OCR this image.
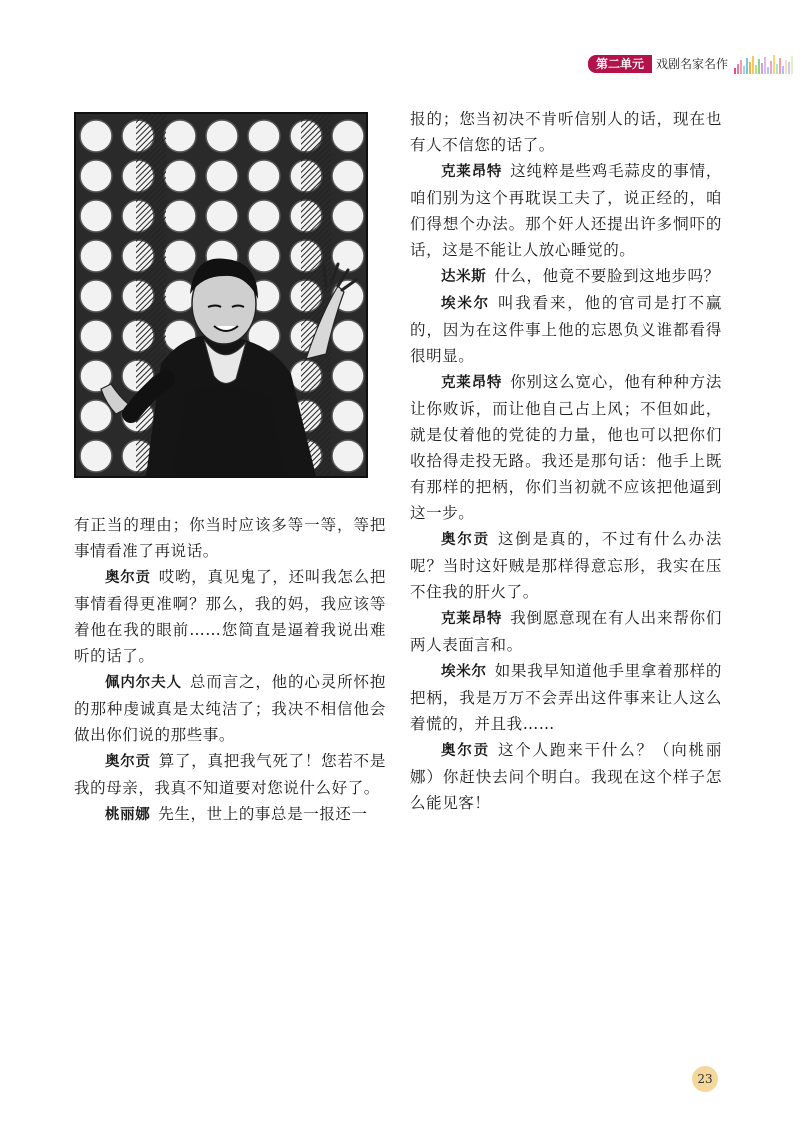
第二单元	戏剧名家名作

有正当的理由；你当时应该多等一等，等把事情看准了再说话。

奥尔贡 哎哟，真见鬼了，还叫我怎么把事情看得更准啊？那么，我的妈，我应该等着他在我的眼前……您简直是逼着我说出难听的话了。

佩内尔夫人 总而言之，他的心灵所怀抱的那种虔诚真是太纯洁了；我决不相信他会做出你们说的那些事。

奥尔贡 算了，真把我气死了！您若不是我的母亲，我真不知道要对您说什么好了。

桃丽娜 先生，世上的事总是一报还一

报的；您当初决不肯听信别人的话，现在也有人不信您的话了。

克莱昂特 这纯粹是些鸡毛蒜皮的事情，咱们别为这个再耽误工夫了，说正经的，咱们得想个办法。那个奸人还提出许多恫吓的话，这是不能让人放心睡觉的。

达米斯 什么，他竟不要脸到这地步吗？

埃米尔 叫我看来，他的官司是打不赢的，因为在这件事上他的忘恩负义谁都看得很明显。

克莱昂特 你别这么宽心，他有种种方法让你败诉，而让他自己占上风；不但如此，就是仗着他的党徒的力量，他也可以把你们收拾得走投无路。我还是那句话：他手上既有那样的把柄，你们当初就不应该把他逼到这一步。

奥尔贡 这倒是真的，不过有什么办法呢？当时这奸贼是那样得意忘形，我实在压不住我的肝火了。

克莱昂特 我倒愿意现在有人出来帮你们两人表面言和。

埃米尔 如果我早知道他手里拿着那样的把柄，我是万万不会弄出这件事来让人这么着慌的，并且我……

奥尔贡 这个人跑来干什么？（向桃丽娜）你赶快去问个明白。我现在这个样子怎么能见客！

23
